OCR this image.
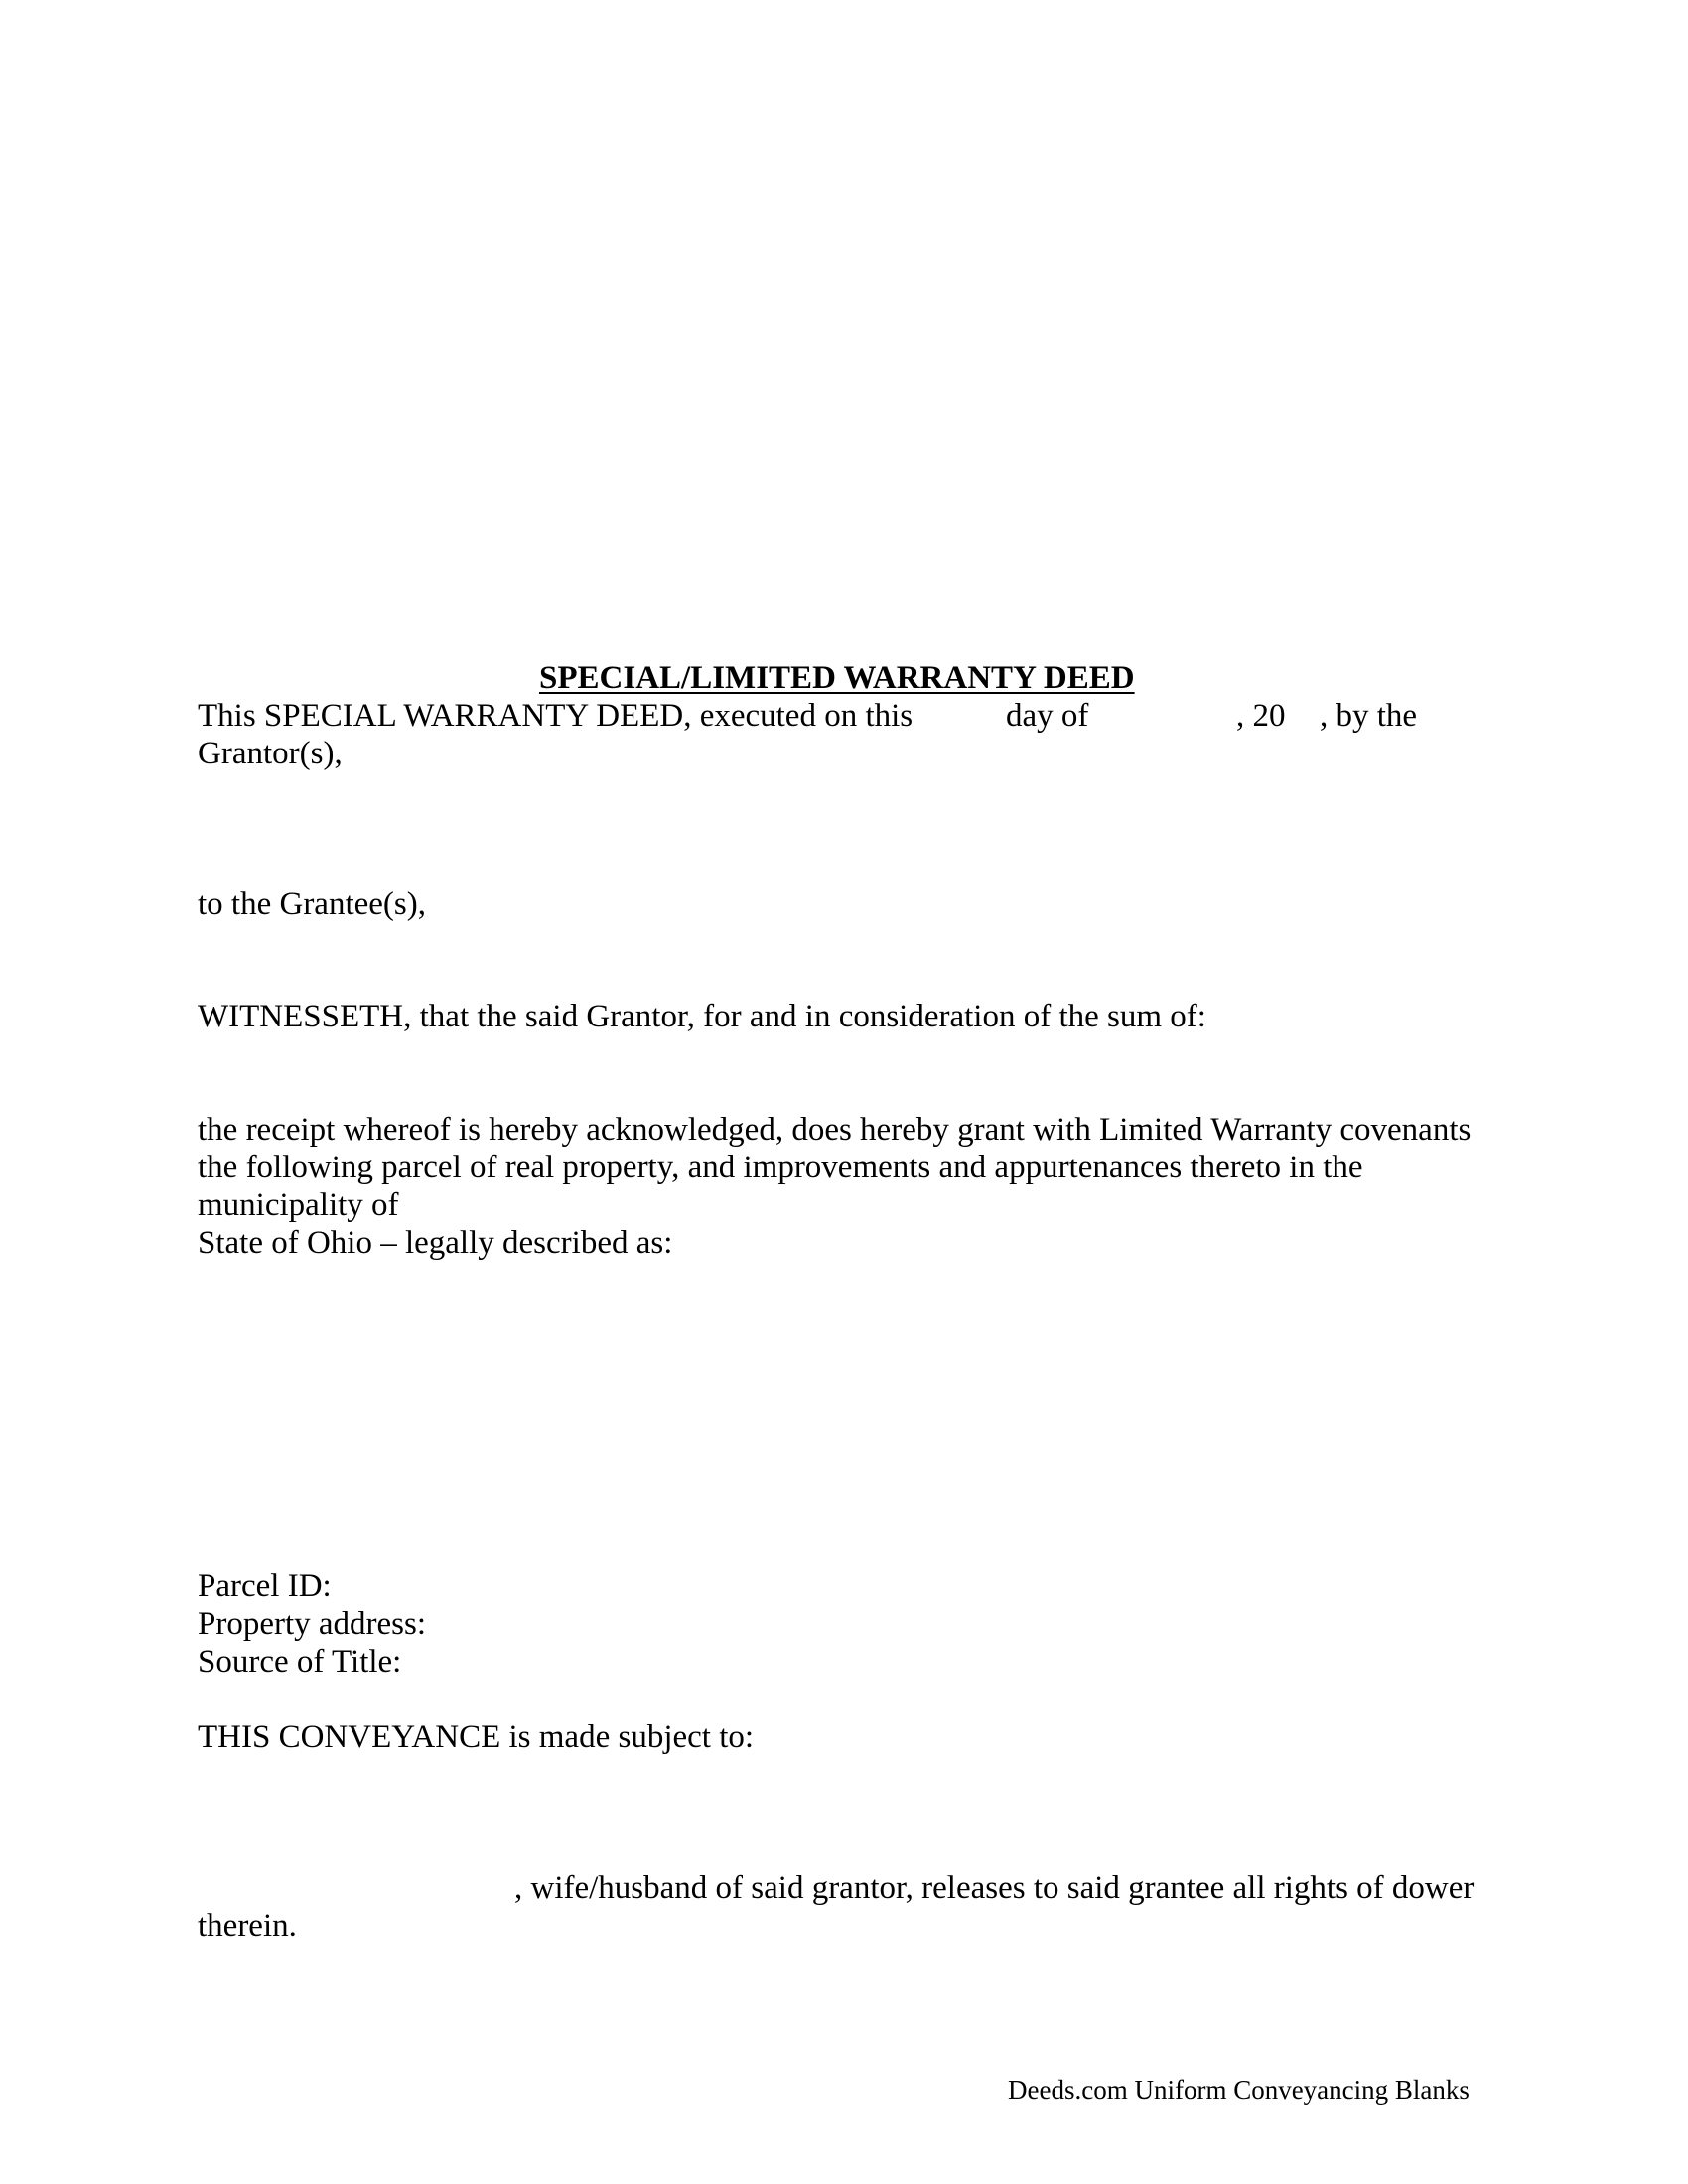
SPECIAL/LIMITED WARRANTY DEED

This SPECIAL WARRANTY DEED, executed on this	day of	, 20 , by the

Grantor(s),

to the Grantee(s),

WITNESSETH, that the said Grantor, for and in consideration of the sum of:

the receipt whereof is hereby acknowledged, does hereby grant with Limited Warranty covenants

the following parcel of real property, and improvements and appurtenances thereto in the

municipality of

State of Ohio – legally described as:

Parcel ID:

Property address:

Source of Title:

THIS CONVEYANCE is made subject to:

, wife/husband of said grantor, releases to said grantee all rights of dower

therein.

Deeds.com Uniform Conveyancing Blanks
